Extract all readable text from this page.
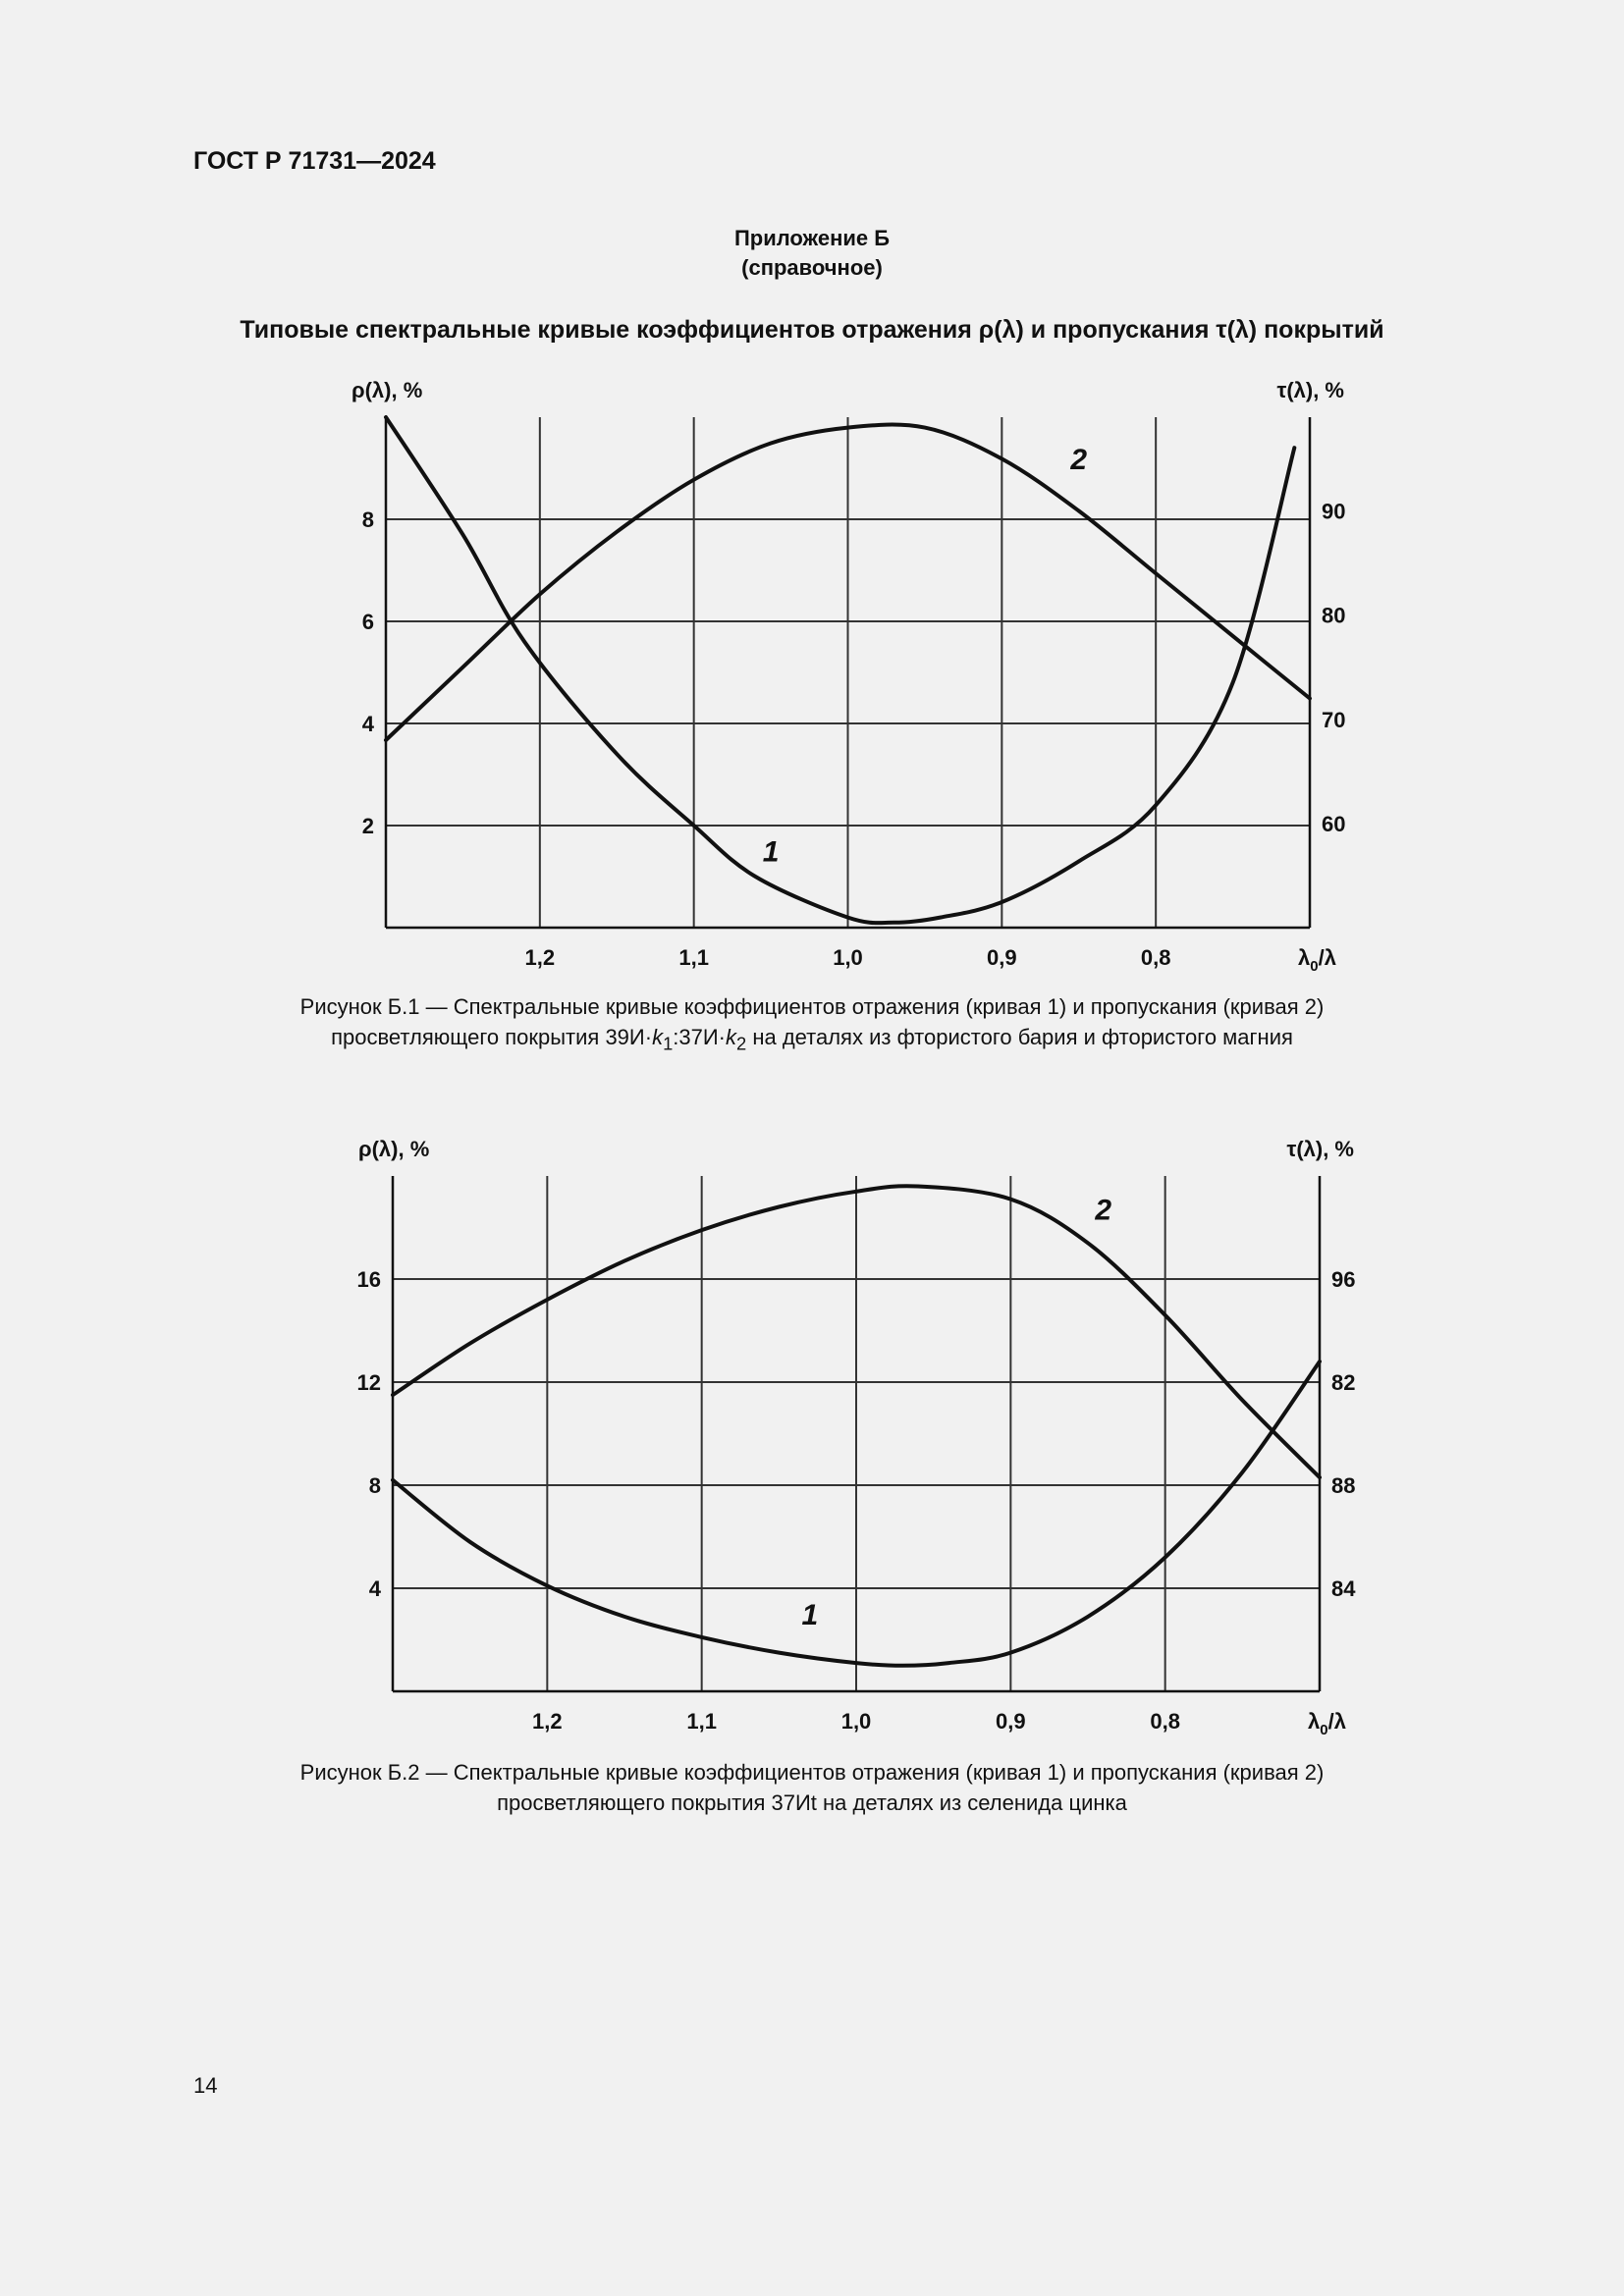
ГОСТ Р 71731—2024
Приложение Б
(справочное)
Типовые спектральные кривые коэффициентов отражения ρ(λ) и пропускания τ(λ) покрытий
1,2	1,1	1,0	0,9	0,8
2
4
6
8
60
70
80
90
ρ(λ), %	τ(λ), %
$\lambda_0/\lambda$
1
2
Рисунок Б.1 — Спектральные кривые коэффициентов отражения (кривая 1) и пропускания (кривая 2)
просветляющего покрытия $39И\cdot k_1:37И\cdot k_2$ на деталях из фтористого бария и фтористого магния
1,2	1,1	1,0	0,9	0,8
4
8
12
16
84
88
82
96
ρ(λ), %	τ(λ), %
$\lambda_0/\lambda$
1
2
Рисунок Б.2 — Спектральные кривые коэффициентов отражения (кривая 1) и пропускания (кривая 2)
просветляющего покрытия 37Иt на деталях из селенида цинка
14
